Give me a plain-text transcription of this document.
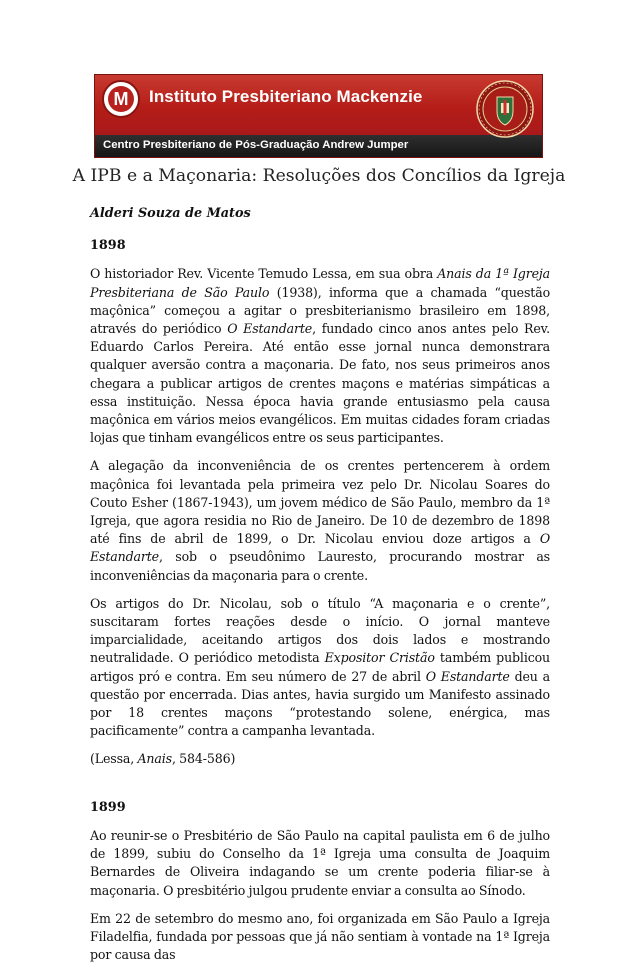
M	Instituto Presbiteriano Mackenzie
Centro Presbiteriano de Pós-Graduação Andrew Jumper
A IPB e a Maçonaria: Resoluções dos Concílios da Igreja

Alderi Souza de Matos

1898

O historiador Rev. Vicente Temudo Lessa, em sua obra Anais da 1ª Igreja Presbiteriana de São Paulo (1938), informa que a chamada “questão maçônica” começou a agitar o presbiterianismo brasileiro em 1898, através do periódico O Estandarte, fundado cinco anos antes pelo Rev. Eduardo Carlos Pereira. Até então esse jornal nunca demonstrara qualquer aversão contra a maçonaria. De fato, nos seus primeiros anos chegara a publicar artigos de crentes maçons e matérias simpáticas a essa instituição. Nessa época havia grande entusiasmo pela causa maçônica em vários meios evangélicos. Em muitas cidades foram criadas lojas que tinham evangélicos entre os seus participantes.

A alegação da inconveniência de os crentes pertencerem à ordem maçônica foi levantada pela primeira vez pelo Dr. Nicolau Soares do Couto Esher (1867-1943), um jovem médico de São Paulo, membro da 1ª Igreja, que agora residia no Rio de Janeiro. De 10 de dezembro de 1898 até fins de abril de 1899, o Dr. Nicolau enviou doze artigos a O Estandarte, sob o pseudônimo Lauresto, procurando mostrar as inconveniências da maçonaria para o crente.

Os artigos do Dr. Nicolau, sob o título “A maçonaria e o crente”, suscitaram fortes reações desde o início. O jornal manteve imparcialidade, aceitando artigos dos dois lados e mostrando neutralidade. O periódico metodista Expositor Cristão também publicou artigos pró e contra. Em seu número de 27 de abril O Estandarte deu a questão por encerrada. Dias antes, havia surgido um Manifesto assinado por 18 crentes maçons “protestando solene, enérgica, mas pacificamente” contra a campanha levantada.

(Lessa, Anais, 584-586)

1899

Ao reunir-se o Presbitério de São Paulo na capital paulista em 6 de julho de 1899, subiu do Conselho da 1ª Igreja uma consulta de Joaquim Bernardes de Oliveira indagando se um crente poderia filiar-se à maçonaria. O presbitério julgou prudente enviar a consulta ao Sínodo.

Em 22 de setembro do mesmo ano, foi organizada em São Paulo a Igreja Filadelfia, fundada por pessoas que já não sentiam à vontade na 1ª Igreja por causa das
